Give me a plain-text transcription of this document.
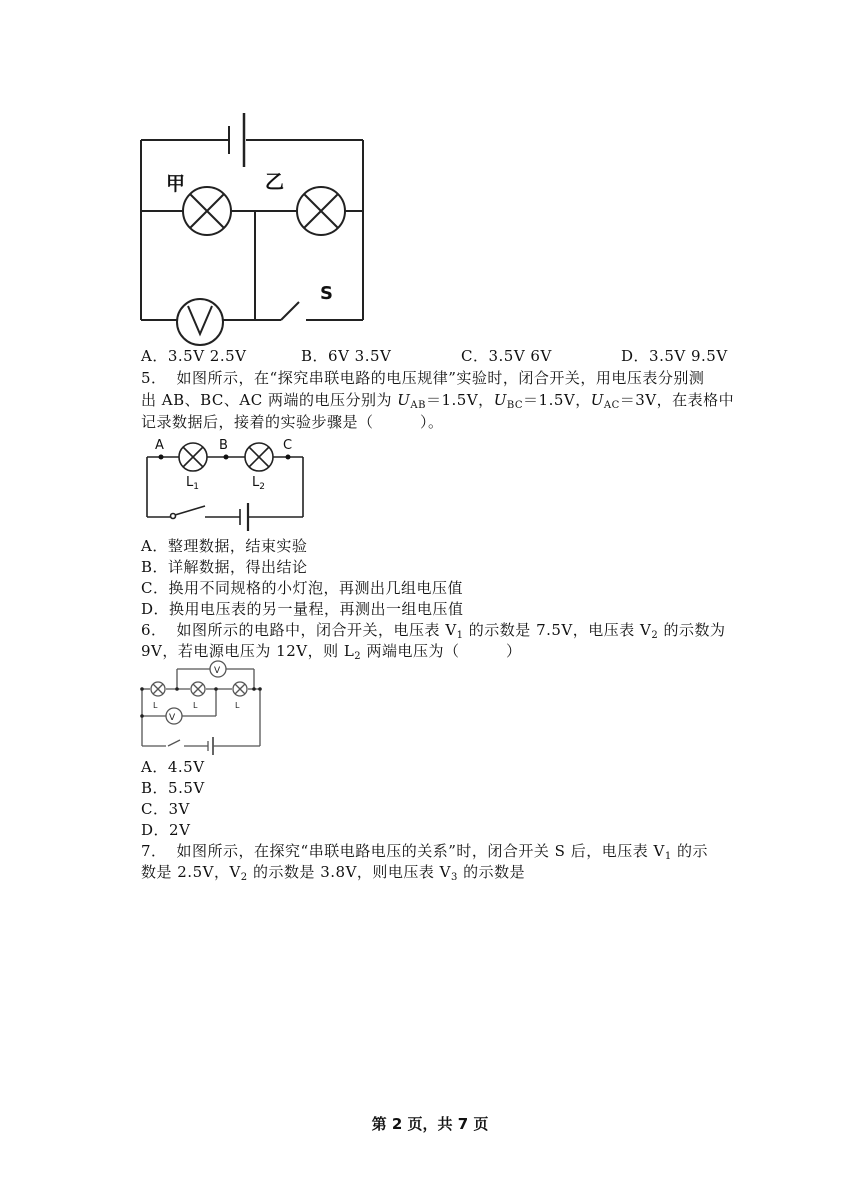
甲	乙
S
A．3.5V 2.5V	B．6V 3.5V	C．3.5V 6V	D．3.5V 9.5V
5． 如图所示，在“探究串联电路的电压规律”实验时，闭合开关，用电压表分别测
出 AB、BC、AC 两端的电压分别为 $U_{AB}=1.5V$，$U_{BC}=1.5V$，$U_{AC}=3V$，在表格中
记录数据后，接着的实验步骤是（　　　）。
A	B	C
$L_1$	$L_2$
A．整理数据，结束实验
B．详解数据，得出结论
C．换用不同规格的小灯泡，再测出几组电压值
D．换用电压表的另一量程，再测出一组电压值
6． 如图所示的电路中，闭合开关，电压表 $V_1$ 的示数是 7.5V，电压表 $V_2$ 的示数为
9V，若电源电压为 12V，则 $L_2$ 两端电压为（　　　）
V
V
L	L	L
A．4.5V
B．5.5V
C．3V
D．2V
7． 如图所示，在探究“串联电路电压的关系”时，闭合开关 S 后，电压表 $V_1$ 的示
数是 2.5V，$V_2$ 的示数是 3.8V，则电压表 $V_3$ 的示数是
第 2 页，共 7 页
